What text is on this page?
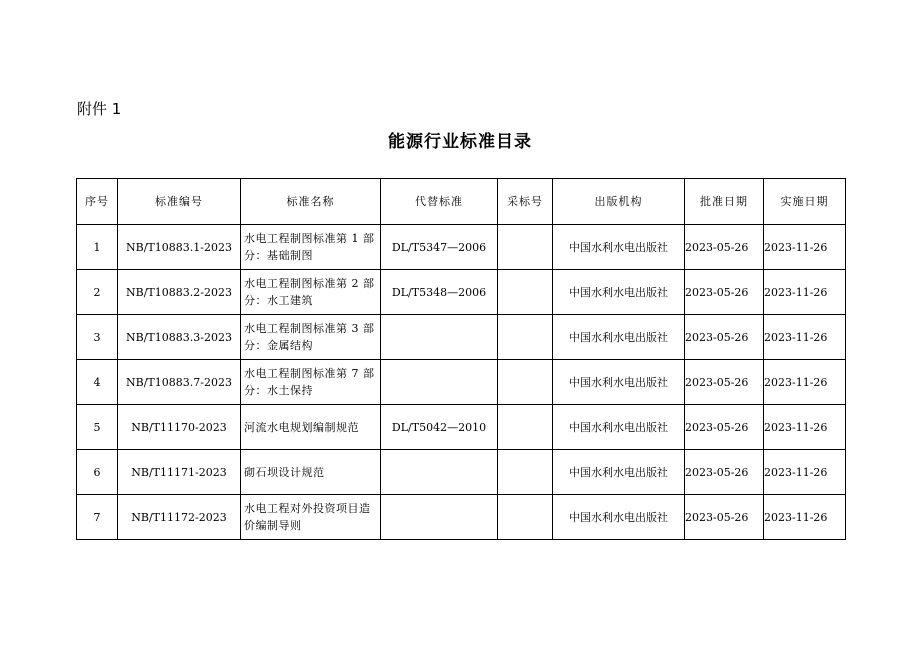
附件 1
能源行业标准目录
序号	标准编号	标准名称	代替标准	采标号	出版机构	批准日期	实施日期
1	NB/T10883.1-2023	水电工程制图标准第 1 部分：基础制图	DL/T5347—2006		中国水利水电出版社	2023-05-26	2023-11-26
2	NB/T10883.2-2023	水电工程制图标准第 2 部分：水工建筑	DL/T5348—2006		中国水利水电出版社	2023-05-26	2023-11-26
3	NB/T10883.3-2023	水电工程制图标准第 3 部分：金属结构			中国水利水电出版社	2023-05-26	2023-11-26
4	NB/T10883.7-2023	水电工程制图标准第 7 部分：水土保持			中国水利水电出版社	2023-05-26	2023-11-26
5	NB/T11170-2023	河流水电规划编制规范	DL/T5042—2010		中国水利水电出版社	2023-05-26	2023-11-26
6	NB/T11171-2023	砌石坝设计规范			中国水利水电出版社	2023-05-26	2023-11-26
7	NB/T11172-2023	水电工程对外投资项目造价编制导则			中国水利水电出版社	2023-05-26	2023-11-26
